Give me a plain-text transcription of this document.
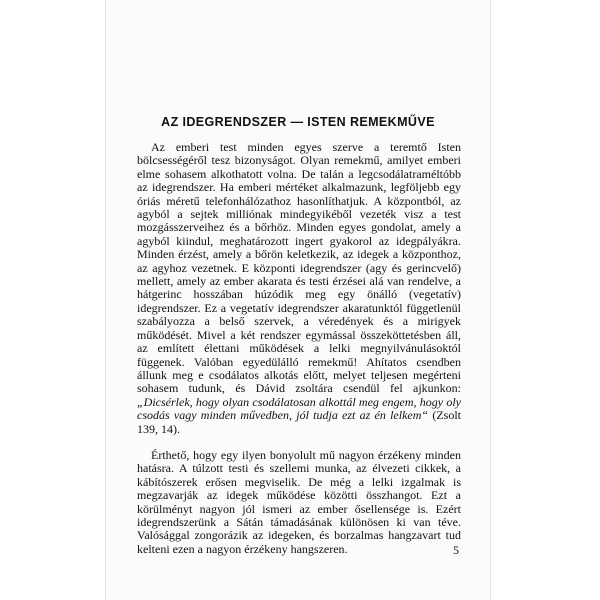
AZ IDEGRENDSZER — ISTEN REMEKMŰVE

Az emberi test minden egyes szerve a teremtő Isten bölcsességéről tesz bizonyságot. Olyan remekmű, amilyet emberi elme sohasem alkothatott volna. De talán a legcsodálatraméltóbb az idegrendszer. Ha emberi mértéket alkalmazunk, legföljebb egy óriás méretű telefonhálózathoz hasonlíthatjuk. A központból, az agyból a sejtek milliónak mindegyikéből vezeték visz a test mozgásszerveihez és a bőrhöz. Minden egyes gondolat, amely a agyból kiindul, meghatározott ingert gyakorol az idegpályákra. Minden érzést, amely a bőrön keletkezik, az idegek a központhoz, az agyhoz vezetnek. E központi idegrendszer (agy és gerincvelő) mellett, amely az ember akarata és testi érzései alá van rendelve, a hátgerinc hosszában húzódik meg egy önálló (vegetatív) idegrendszer. Ez a vegetatív idegrendszer akaratunktól függetlenül szabályozza a belső szervek, a véredények és a mirigyek működését. Mivel a két rendszer egymással összeköttetésben áll, az említett élettani működések a lelki megnyilvánulásoktól függenek. Valóban egyedülálló remekmű! Ahítatos csendben állunk meg e csodálatos alkotás előtt, melyet teljesen megérteni sohasem tudunk, és Dávid zsoltára csendül fel ajkunkon: „Dicsérlek, hogy olyan csodálatosan alkottál meg engem, hogy oly csodás vagy minden művedben, jól tudja ezt az én lelkem“ (Zsolt 139, 14).

Érthető, hogy egy ilyen bonyolult mű nagyon érzékeny minden hatásra. A túlzott testi és szellemi munka, az élvezeti cikkek, a kábítószerek erősen megviselik. De még a lelki izgalmak is megzavarják az idegek működése közötti összhangot. Ezt a körülményt nagyon jól ismeri az ember ősellensége is. Ezért idegrendszerünk a Sátán támadásának különösen ki van téve. Valósággal zongorázik az idegeken, és borzalmas hangzavart tud kelteni ezen a nagyon érzékeny hangszeren.	5
